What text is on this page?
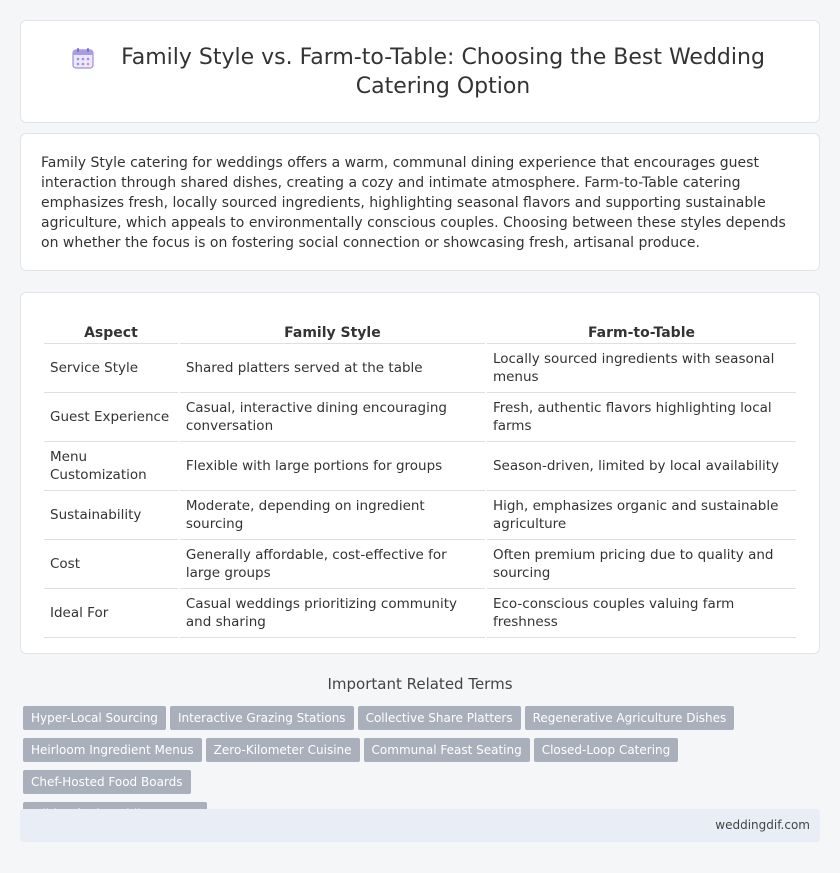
Family Style vs. Farm-to-Table: Choosing the Best Wedding Catering Option

Family Style catering for weddings offers a warm, communal dining experience that encourages guest interaction through shared dishes, creating a cozy and intimate atmosphere. Farm-to-Table catering emphasizes fresh, locally sourced ingredients, highlighting seasonal flavors and supporting sustainable agriculture, which appeals to environmentally conscious couples. Choosing between these styles depends on whether the focus is on fostering social connection or showcasing fresh, artisanal produce.

Aspect	Family Style	Farm-to-Table
Service Style	Shared platters served at the table	Locally sourced ingredients with seasonal menus
Guest Experience	Casual, interactive dining encouraging conversation	Fresh, authentic flavors highlighting local farms
Menu Customization	Flexible with large portions for groups	Season-driven, limited by local availability
Sustainability	Moderate, depending on ingredient sourcing	High, emphasizes organic and sustainable agriculture
Cost	Generally affordable, cost-effective for large groups	Often premium pricing due to quality and sourcing
Ideal For	Casual weddings prioritizing community and sharing	Eco-conscious couples valuing farm freshness
Important Related Terms
Hyper-Local Sourcing Interactive Grazing Stations Collective Share Platters Regenerative Agriculture Dishes
Heirloom Ingredient Menus Zero-Kilometer Cuisine Communal Feast Seating Closed-Loop CateringChef-Hosted Food Boards

weddingdif.com
